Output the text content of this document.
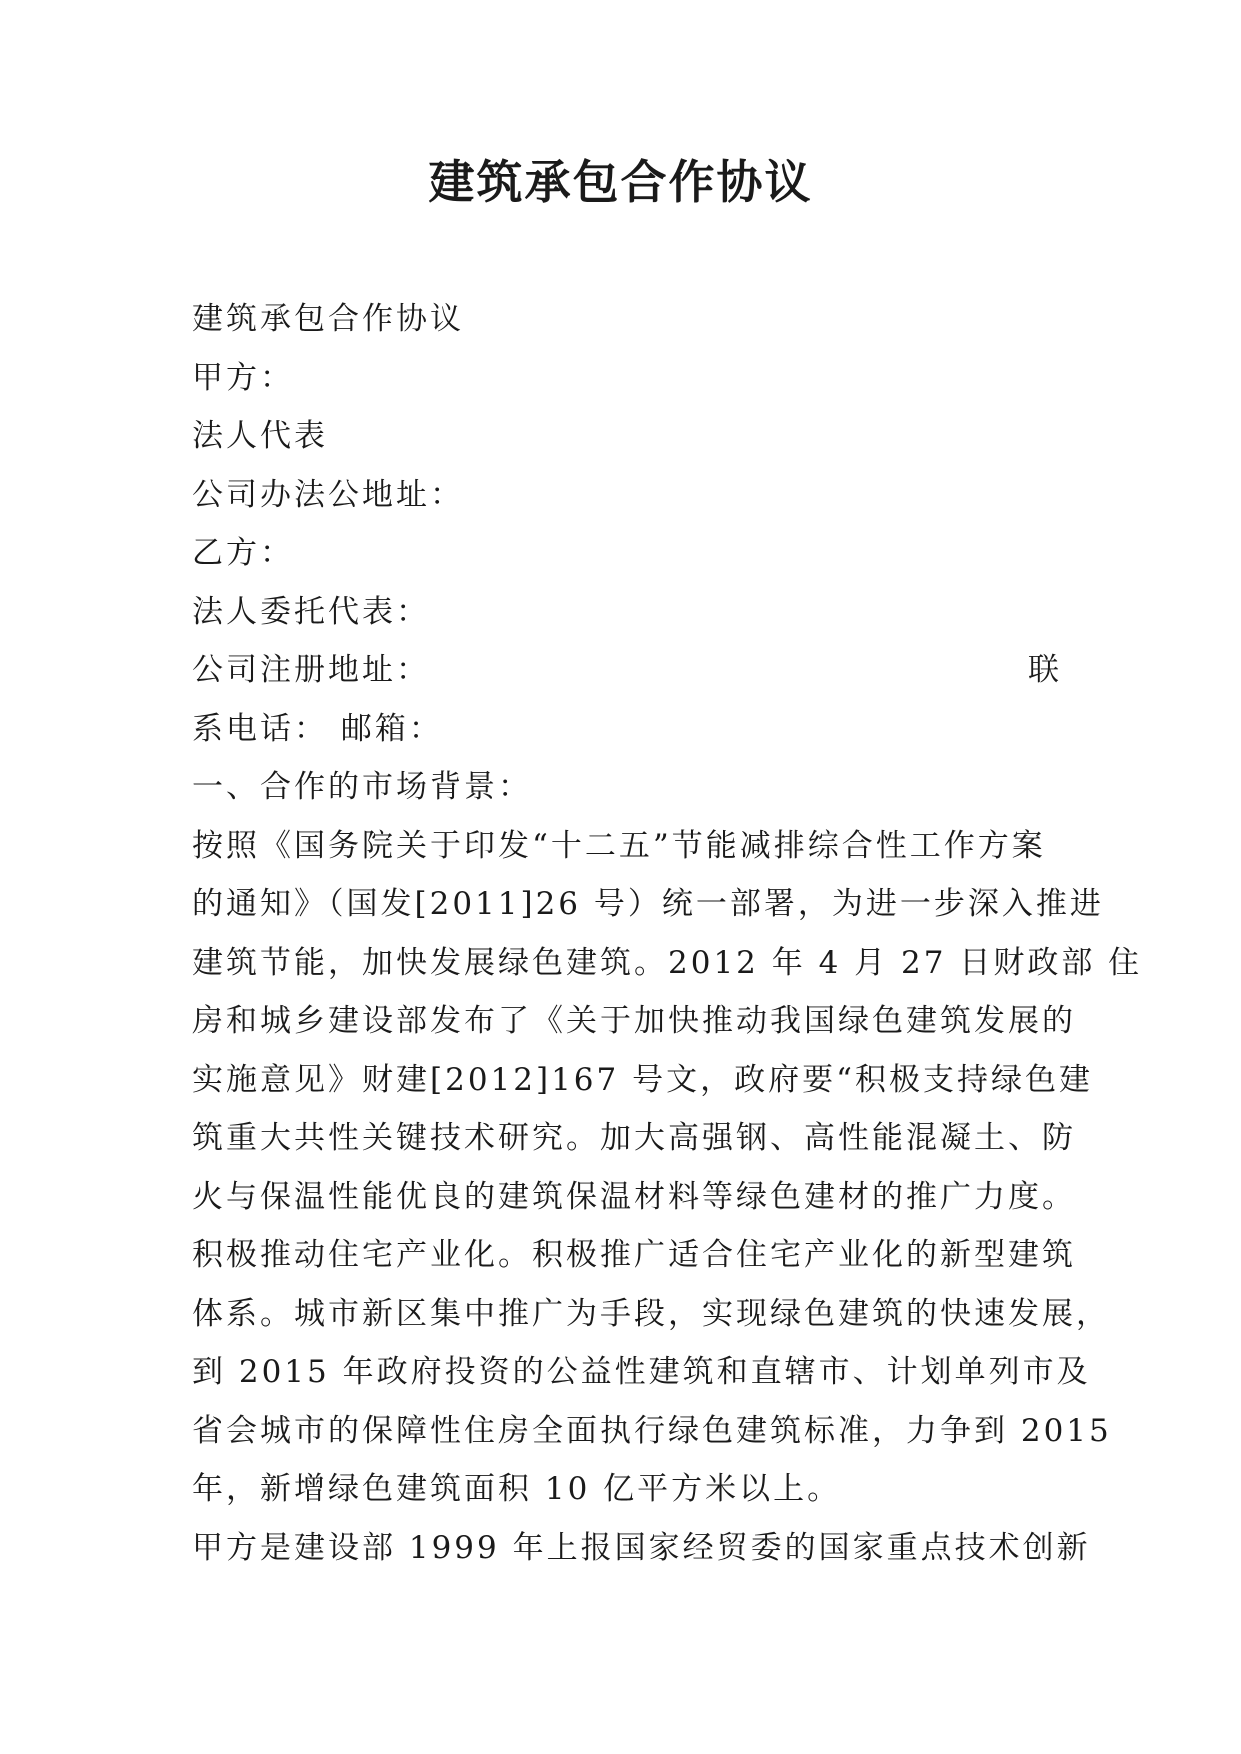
建筑承包合作协议
建筑承包合作协议
甲方：
法人代表
公司办法公地址：
乙方：
法人委托代表：
公司注册地址：	联
系电话： 邮箱：
一、合作的市场背景：
按照《国务院关于印发“十二五”节能减排综合性工作方案
的通知》（国发[2011]26 号）统一部署，为进一步深入推进
建筑节能，加快发展绿色建筑。2012 年 4 月 27 日财政部 住
房和城乡建设部发布了《关于加快推动我国绿色建筑发展的
实施意见》财建[2012]167 号文，政府要“积极支持绿色建
筑重大共性关键技术研究。加大高强钢、高性能混凝土、防
火与保温性能优良的建筑保温材料等绿色建材的推广力度。
积极推动住宅产业化。积极推广适合住宅产业化的新型建筑
体系。城市新区集中推广为手段，实现绿色建筑的快速发展，
到 2015 年政府投资的公益性建筑和直辖市、计划单列市及
省会城市的保障性住房全面执行绿色建筑标准，力争到 2015
年，新增绿色建筑面积 10 亿平方米以上。
甲方是建设部 1999 年上报国家经贸委的国家重点技术创新
